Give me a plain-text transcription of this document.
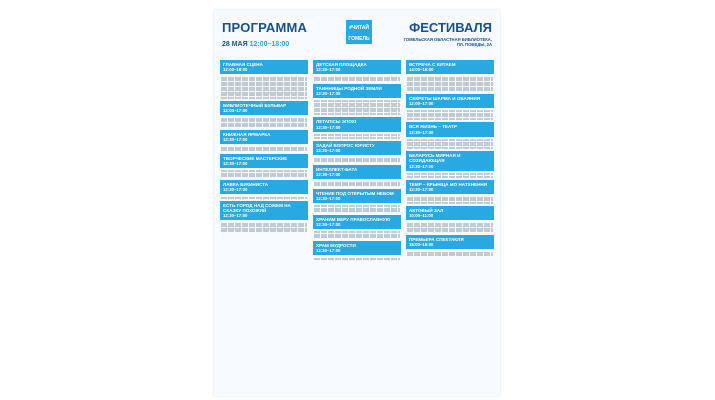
ПРОГРАММА
28 МАЯ 12:00–18:00
#ЧИТАЙ
ГОМЕЛЬ
ФЕСТИВАЛЯ
ГОМЕЛЬСКАЯ ОБЛАСТНАЯ БИБЛИОТЕКА, ПЛ. ПОБЕДЫ, 2А
ГЛАВНАЯ СЦЕНА
12:00–18:00
БИБЛИОТЕЧНЫЙ БУЛЬВАР
12:00–17:00
КНИЖНАЯ ЯРМАРКА
12:30–17:00
ТВОРЧЕСКИЕ МАСТЕРСКИЕ
12:30–17:00
ЛАВКА БУКИНИСТА
12:30–17:00
ЕСТЬ ГОРОД НАД СОЖЕМ НА СКАЗКУ ПОХОЖИЙ
12:30–17:00
ДЕТСКАЯ ПЛОЩАДКА
12:30–17:00
ТАИННИЦЫ РОДНОЙ ЗЕМЛИ
12:30–17:00
ЛЕТАПІСЫ ЭПОХІ
12:30–17:00
ЗАДАЙ ВОПРОС ЮРИСТУ
12:30–17:00
ИНТЕЛЛЕКТ-БАТА
12:30–17:00
ЧТЕНИЕ ПОД ОТКРЫТЫМ НЕБОМ
12:30–17:00
ХРАНИМ ВЕРУ ПРАВОСЛАВНУЮ
12:30–17:00
ХРАМ МУДРОСТИ
12:30–17:00
ВСТРЕЧА С КИТАЕМ
14:00–16:00
СЕКРЕТЫ ШАРМА И ОБАЯНИЯ
12:00–17:00
ВСЯ ЖИЗНЬ – ТЕАТР
12:30–17:00
БЕЛАРУСЬ МИРНАЯ И СОЗИДАЮЩАЯ
12:30–17:00
ТЕМР – КРЫНIЦА МО НАТХНЕННЯ
12:30–17:00
АКТОВЫЙ ЗАЛ
10:00–11:00
ПРЕМЬЕРА СПЕКТАКЛЯ
15:00–16:00
